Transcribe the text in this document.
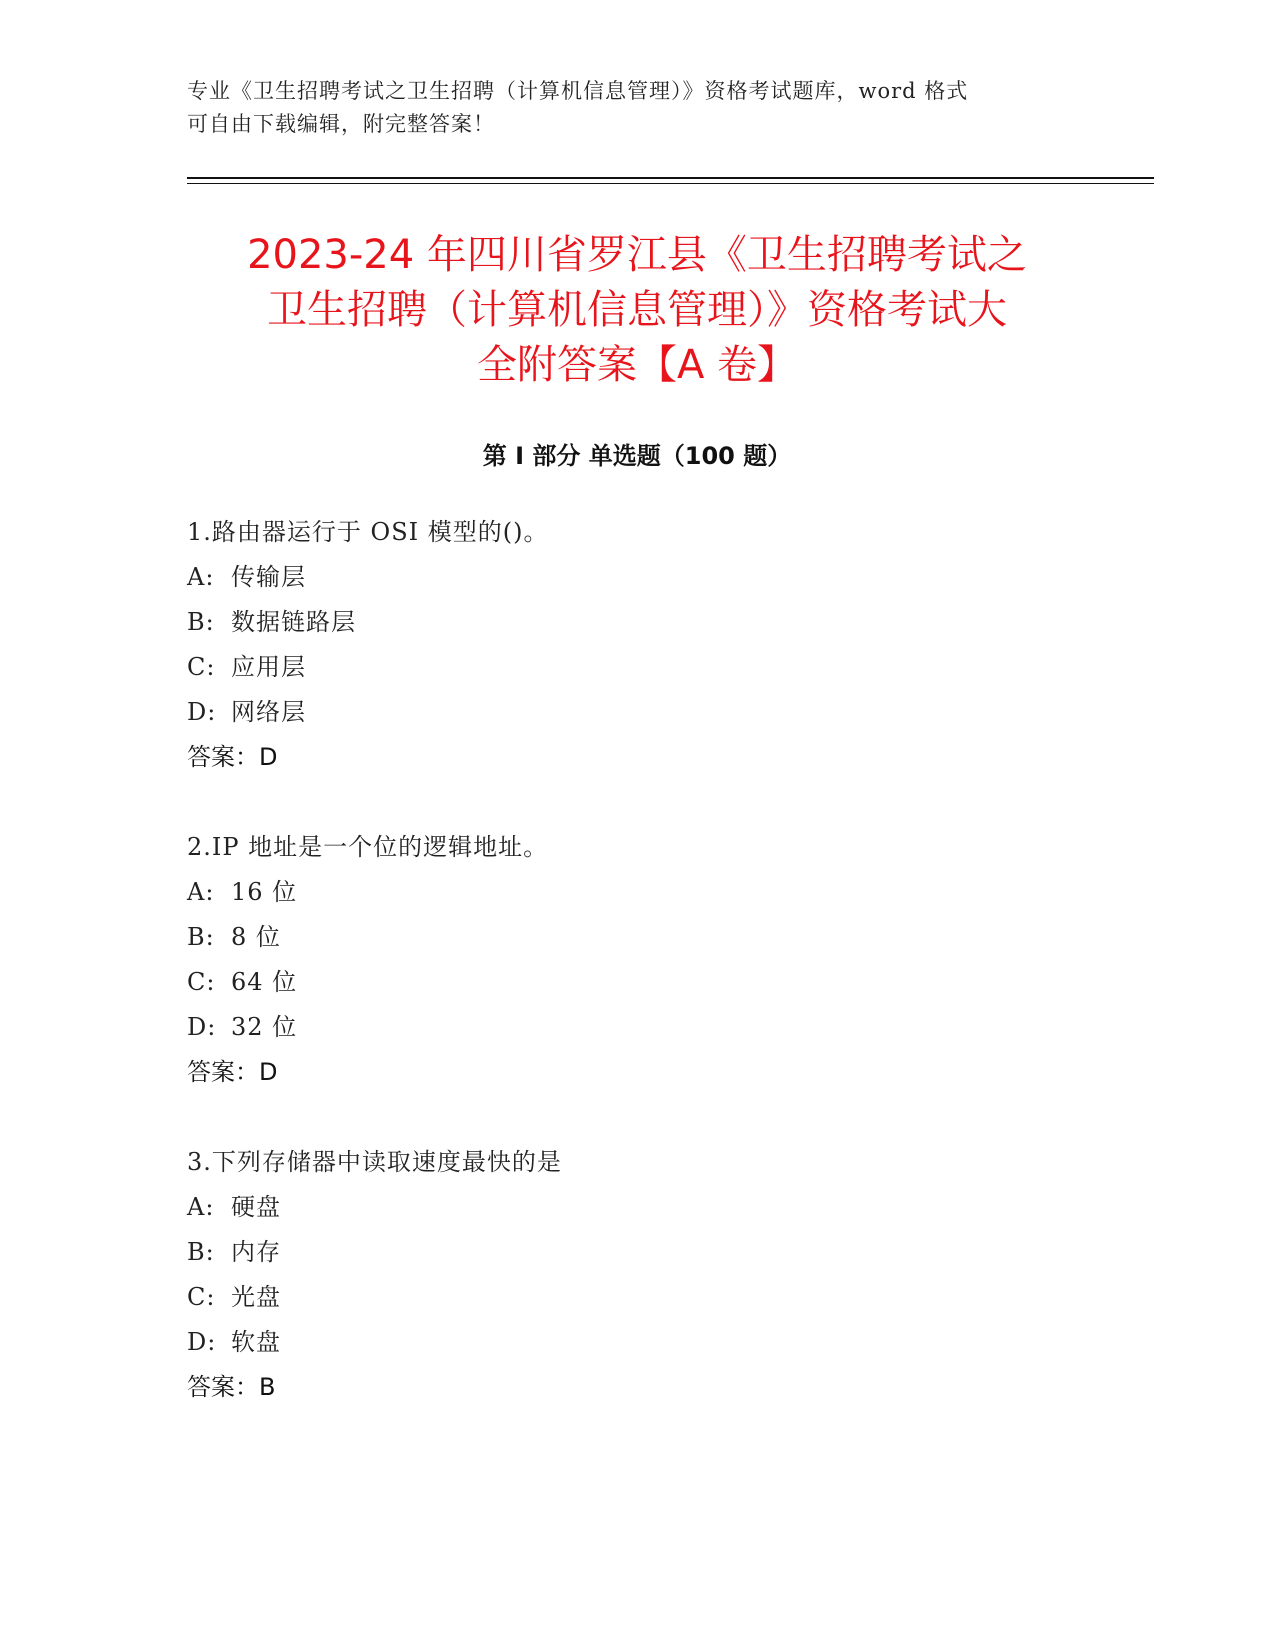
专业《卫生招聘考试之卫生招聘（计算机信息管理）》资格考试题库，word 格式
可自由下载编辑，附完整答案！
2023-24 年四川省罗江县《卫生招聘考试之
卫生招聘（计算机信息管理）》资格考试大
全附答案【A 卷】
第 I 部分 单选题（100 题）
1.路由器运行于 OSI 模型的()。
A: 传输层
B: 数据链路层
C: 应用层
D: 网络层
答案：D
2.IP 地址是一个位的逻辑地址。
A: 16 位
B: 8 位
C: 64 位
D: 32 位
答案：D
3.下列存储器中读取速度最快的是
A: 硬盘
B: 内存
C: 光盘
D: 软盘
答案：B
